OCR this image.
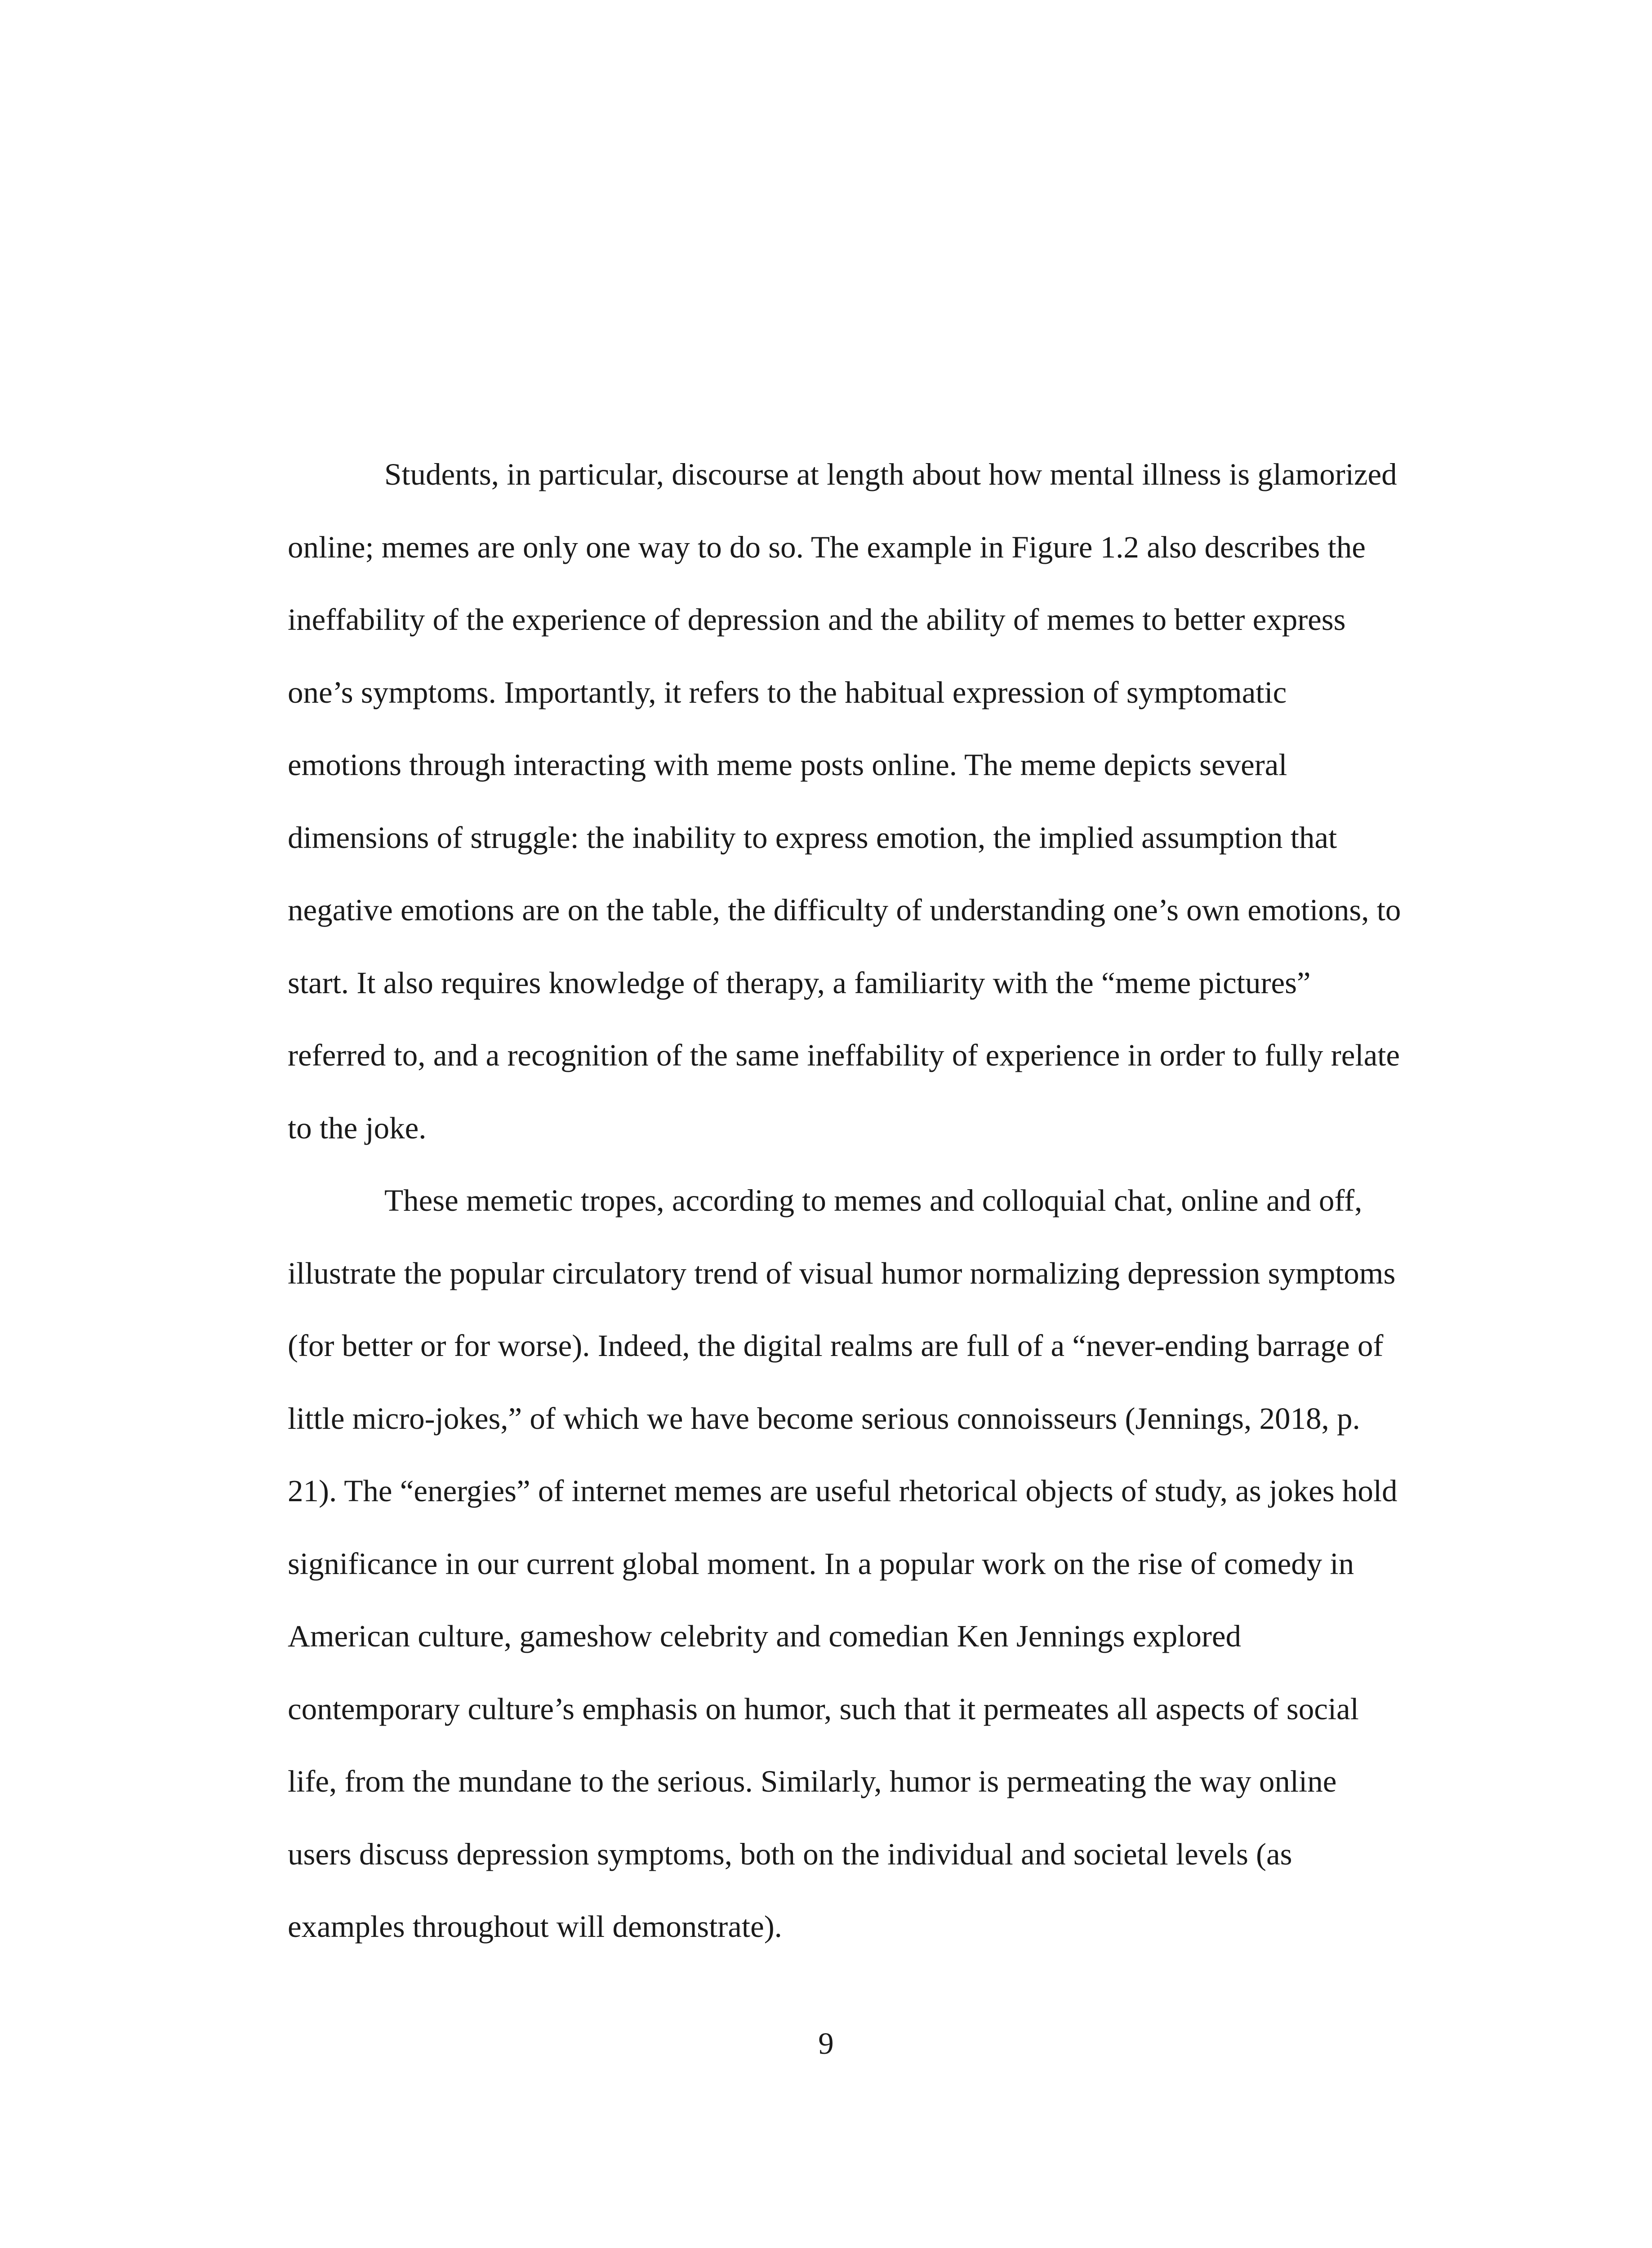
Students, in particular, discourse at length about how mental illness is glamorized
online; memes are only one way to do so. The example in Figure 1.2 also describes the
ineffability of the experience of depression and the ability of memes to better express
one’s symptoms. Importantly, it refers to the habitual expression of symptomatic
emotions through interacting with meme posts online. The meme depicts several
dimensions of struggle: the inability to express emotion, the implied assumption that
negative emotions are on the table, the difficulty of understanding one’s own emotions, to
start. It also requires knowledge of therapy, a familiarity with the “meme pictures”
referred to, and a recognition of the same ineffability of experience in order to fully relate
to the joke.
These memetic tropes, according to memes and colloquial chat, online and off,
illustrate the popular circulatory trend of visual humor normalizing depression symptoms
(for better or for worse). Indeed, the digital realms are full of a “never-ending barrage of
little micro-jokes,” of which we have become serious connoisseurs (Jennings, 2018, p.
21). The “energies” of internet memes are useful rhetorical objects of study, as jokes hold
significance in our current global moment. In a popular work on the rise of comedy in
American culture, gameshow celebrity and comedian Ken Jennings explored
contemporary culture’s emphasis on humor, such that it permeates all aspects of social
life, from the mundane to the serious. Similarly, humor is permeating the way online
users discuss depression symptoms, both on the individual and societal levels (as
examples throughout will demonstrate).
9
